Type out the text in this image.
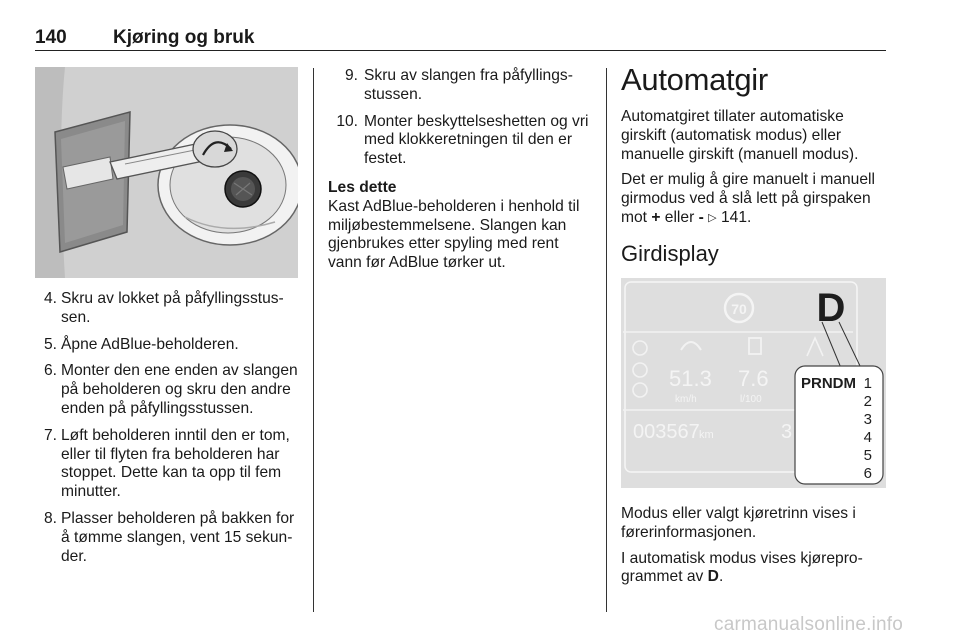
140 Kjøring og bruk
4. Skru av lokket på påfyllingsstus-sen.
5. Åpne AdBlue-beholderen.
6. Monter den ene enden av slangen på beholderen og skru den andre enden på påfyllingsstussen.
7. Løft beholderen inntil den er tom, eller til flyten fra beholderen har stoppet. Dette kan ta opp til fem minutter.
8. Plasser beholderen på bakken for å tømme slangen, vent 15 sekun-der.
9. Skru av slangen fra påfyllings-stussen.
10. Monter beskyttelseshetten og vri med klokkeretningen til den er festet.
Les dette
Kast AdBlue-beholderen i henhold til miljøbestemmelsene. Slangen kan gjenbrukes etter spyling med rent vann før AdBlue tørker ut.
Automatgir
Automatgiret tillater automatiske girskift (automatisk modus) eller manuelle girskift (manuell modus).
Det er mulig å gire manuelt i manuell girmodus ved å slå lett på girspaken mot + eller - ▷ 141.
Girdisplay
70 D
51.3
km/h
7.6
l/100
003567 km	3
PRNDM 1
2
3
4
5
6
Modus eller valgt kjøretrinn vises i førerinformasjonen.
I automatisk modus vises kjørepro-grammet av D.
carmanualsonline.info
